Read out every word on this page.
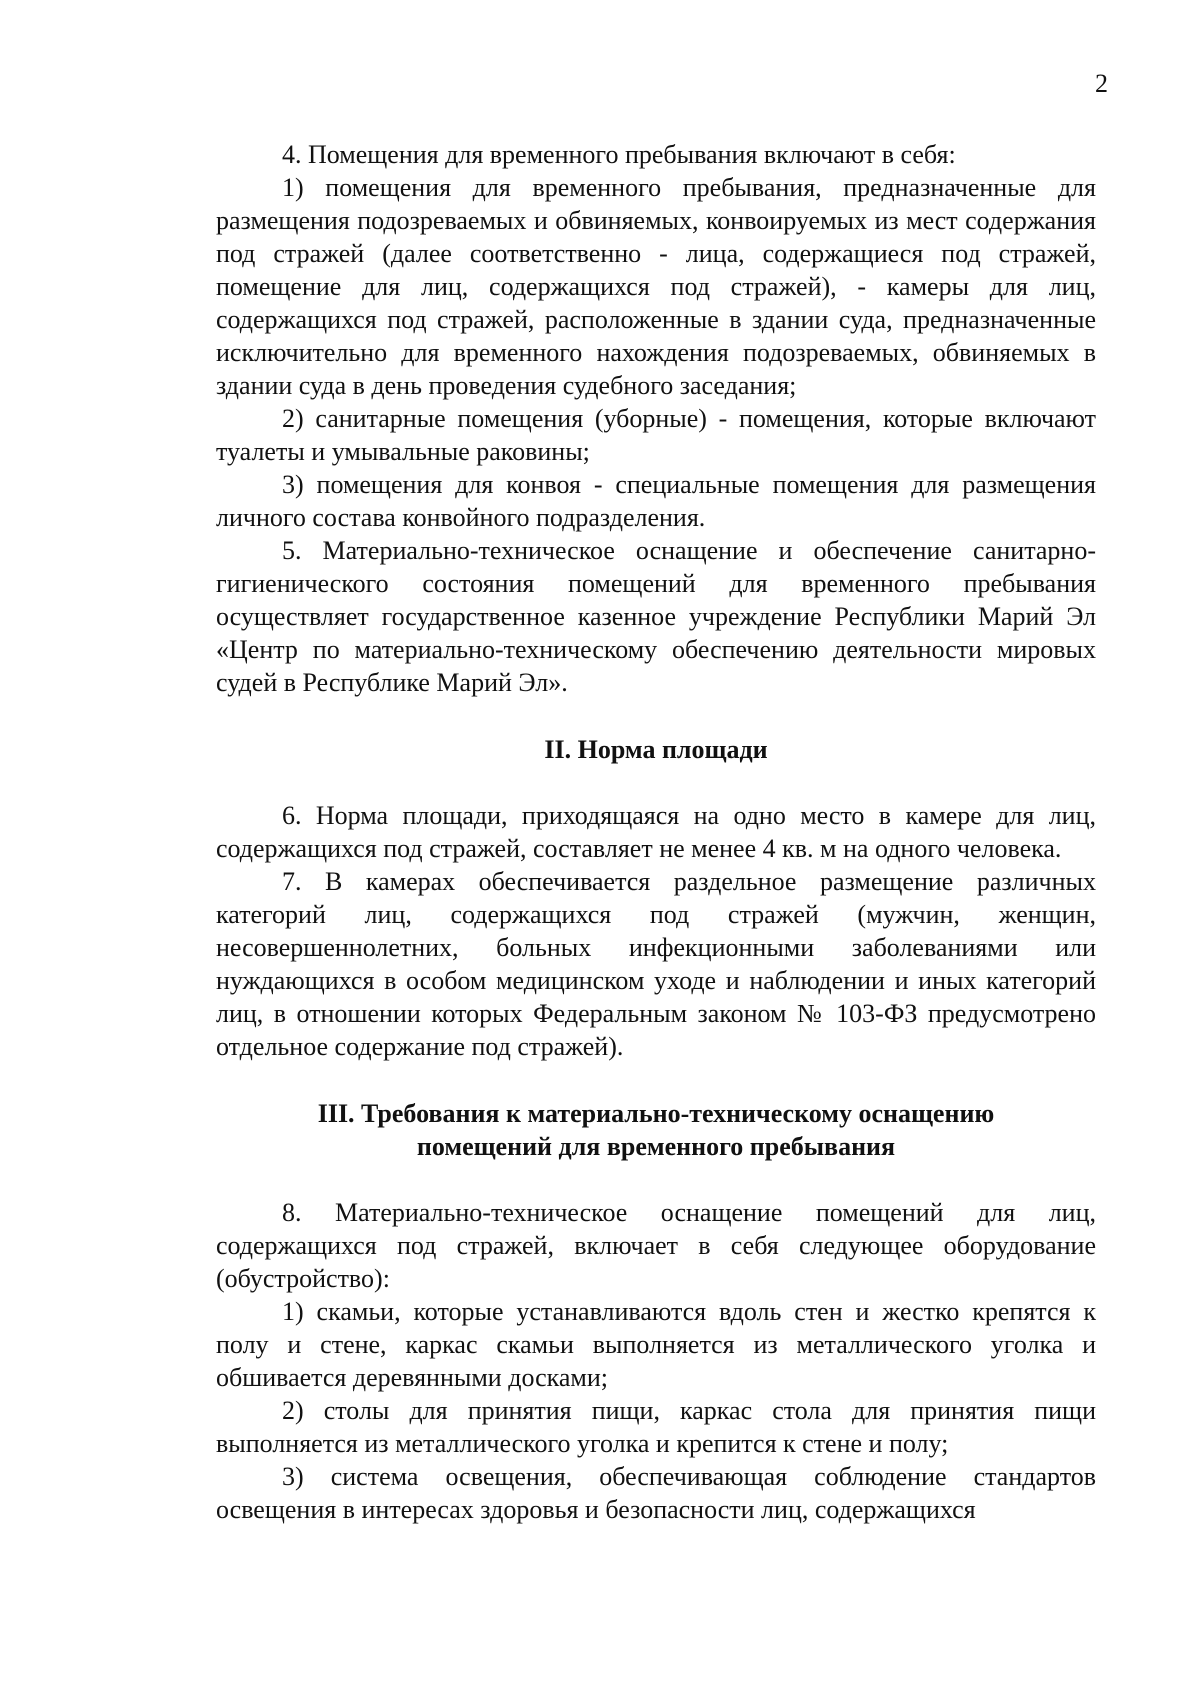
2

4. Помещения для временного пребывания включают в себя:

1) помещения для временного пребывания, предназначенные для размещения подозреваемых и обвиняемых, конвоируемых из мест содержания под стражей (далее соответственно - лица, содержащиеся под стражей, помещение для лиц, содержащихся под стражей), - камеры для лиц, содержащихся под стражей, расположенные в здании суда, предназначенные исключительно для временного нахождения подозреваемых, обвиняемых в здании суда в день проведения судебного заседания;

2) санитарные помещения (уборные) - помещения, которые включают туалеты и умывальные раковины;

3) помещения для конвоя - специальные помещения для размещения личного состава конвойного подразделения.

5. Материально-техническое оснащение и обеспечение санитарно-гигиенического состояния помещений для временного пребывания осуществляет государственное казенное учреждение Республики Марий Эл «Центр по материально-техническому обеспечению деятельности мировых судей в Республике Марий Эл».

II. Норма площади

6. Норма площади, приходящаяся на одно место в камере для лиц, содержащихся под стражей, составляет не менее 4 кв. м на одного человека.

7. В камерах обеспечивается раздельное размещение различных категорий лиц, содержащихся под стражей (мужчин, женщин, несовершеннолетних, больных инфекционными заболеваниями или нуждающихся в особом медицинском уходе и наблюдении и иных категорий лиц, в отношении которых Федеральным законом № 103-ФЗ предусмотрено отдельное содержание под стражей).

III. Требования к материально-техническому оснащению
помещений для временного пребывания

8. Материально-техническое оснащение помещений для лиц, содержащихся под стражей, включает в себя следующее оборудование (обустройство):

1) скамьи, которые устанавливаются вдоль стен и жестко крепятся к полу и стене, каркас скамьи выполняется из металлического уголка и обшивается деревянными досками;

2) столы для принятия пищи, каркас стола для принятия пищи выполняется из металлического уголка и крепится к стене и полу;

3) система освещения, обеспечивающая соблюдение стандартов освещения в интересах здоровья и безопасности лиц, содержащихся
